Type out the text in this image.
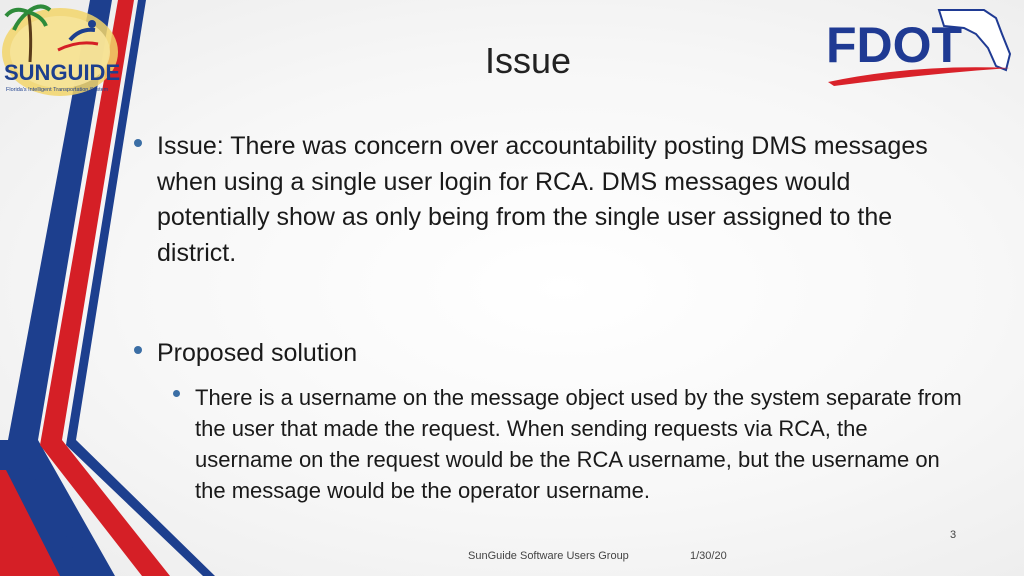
SUNGUIDE
Florida's Intelligent Transportation System
FDOT
Issue
Issue: There was concern over accountability posting DMS messages when using a single user login for RCA. DMS messages would potentially show as only being from the single user assigned to the district.
Proposed solution
There is a username on the message object used by the system separate from the user that made the request. When sending requests via RCA, the username on the request would be the RCA username, but the username on the message would be the operator username.
3
SunGuide Software Users Group	1/30/20
